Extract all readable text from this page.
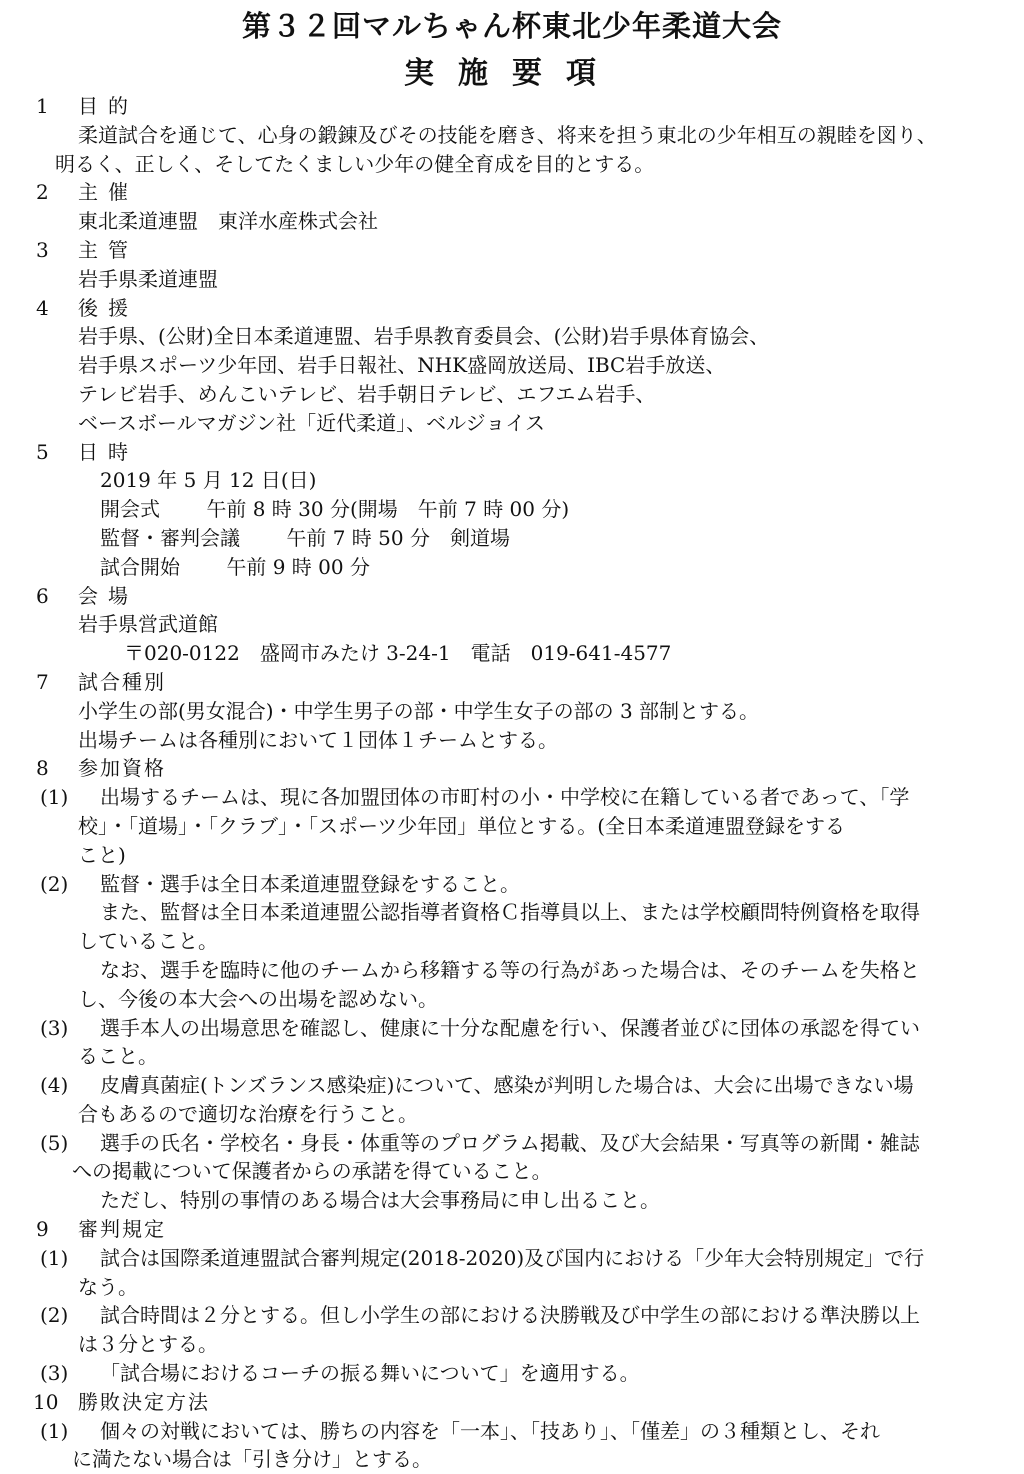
第３２回マルちゃん杯東北少年柔道大会
実施要項
1 目的
柔道試合を通じて、心身の鍛錬及びその技能を磨き、将来を担う東北の少年相互の親睦を図り、
明るく、正しく、そしてたくましい少年の健全育成を目的とする。
2 主催
東北柔道連盟　東洋水産株式会社
3 主管
岩手県柔道連盟
4 後援
岩手県、(公財)全日本柔道連盟、岩手県教育委員会、(公財)岩手県体育協会、
岩手県スポーツ少年団、岩手日報社、NHK盛岡放送局、IBC岩手放送、
テレビ岩手、めんこいテレビ、岩手朝日テレビ、エフエム岩手、
ベースボールマガジン社「近代柔道」、ベルジョイス
5 日時
2019 年 5 月 12 日(日)
開会式　　 午前 8 時 30 分(開場　午前 7 時 00 分)
監督・審判会議　　 午前 7 時 50 分　剣道場
試合開始　　 午前 9 時 00 分
6 会場
岩手県営武道館
〒020-0122　盛岡市みたけ 3-24-1　電話　019-641-4577
7 試合種別
小学生の部(男女混合)・中学生男子の部・中学生女子の部の 3 部制とする。
出場チームは各種別において１団体１チームとする。
8 参加資格
(1) 出場するチームは、現に各加盟団体の市町村の小・中学校に在籍している者であって、「学
校」・「道場」・「クラブ」・「スポーツ少年団」単位とする。(全日本柔道連盟登録をする
こと)
(2) 監督・選手は全日本柔道連盟登録をすること。
また、監督は全日本柔道連盟公認指導者資格Ｃ指導員以上、または学校顧問特例資格を取得
していること。
なお、選手を臨時に他のチームから移籍する等の行為があった場合は、そのチームを失格と
し、今後の本大会への出場を認めない。
(3) 選手本人の出場意思を確認し、健康に十分な配慮を行い、保護者並びに団体の承認を得てい
ること。
(4) 皮膚真菌症(トンズランス感染症)について、感染が判明した場合は、大会に出場できない場
合もあるので適切な治療を行うこと。
(5) 選手の氏名・学校名・身長・体重等のプログラム掲載、及び大会結果・写真等の新聞・雑誌
への掲載について保護者からの承諾を得ていること。
ただし、特別の事情のある場合は大会事務局に申し出ること。
9 審判規定
(1) 試合は国際柔道連盟試合審判規定(2018-2020)及び国内における「少年大会特別規定」で行
なう。
(2) 試合時間は２分とする。但し小学生の部における決勝戦及び中学生の部における準決勝以上
は３分とする。
(3) 「試合場におけるコーチの振る舞いについて」を適用する。
10 勝敗決定方法
(1) 個々の対戦においては、勝ちの内容を「一本」、「技あり」、「僅差」の３種類とし、それ
に満たない場合は「引き分け」とする。
